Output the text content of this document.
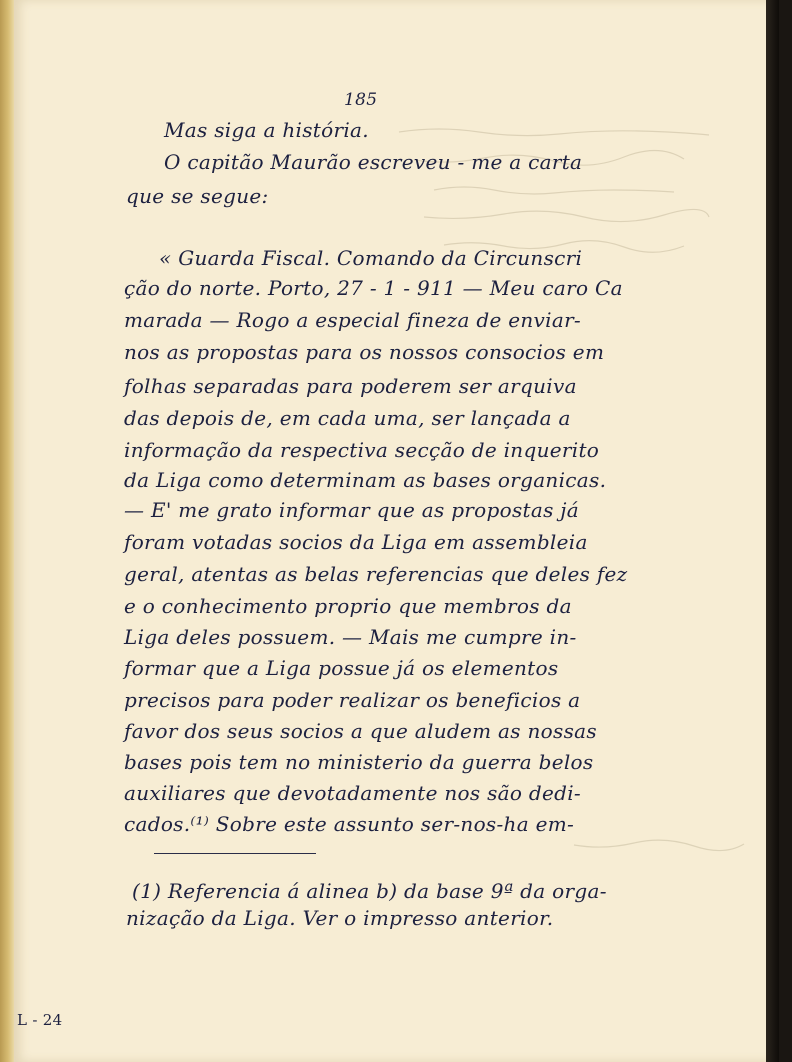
185
Mas siga a história.
O capitão Maurão escreveu - me a carta
que se segue:
« Guarda Fiscal. Comando da Circunscri
ção do norte. Porto, 27 - 1 - 911 — Meu caro Ca
marada — Rogo a especial fineza de enviar-
nos as propostas para os nossos consocios em
folhas separadas para poderem ser arquiva
das depois de, em cada uma, ser lançada a
informação da respectiva secção de inquerito
da Liga como determinam as bases organicas.
— E' me grato informar que as propostas já
foram votadas socios da Liga em assembleia
geral, atentas as belas referencias que deles fez
e o conhecimento proprio que membros da
Liga deles possuem. — Mais me cumpre in-
formar que a Liga possue já os elementos
precisos para poder realizar os beneficios a
favor dos seus socios a que aludem as nossas
bases pois tem no ministerio da guerra belos
auxiliares que devotadamente nos são dedi-
cados.⁽¹⁾ Sobre este assunto ser-nos-ha em-
(1) Referencia á alinea b) da base 9ª da orga-
nização da Liga. Ver o impresso anterior.
L - 24
